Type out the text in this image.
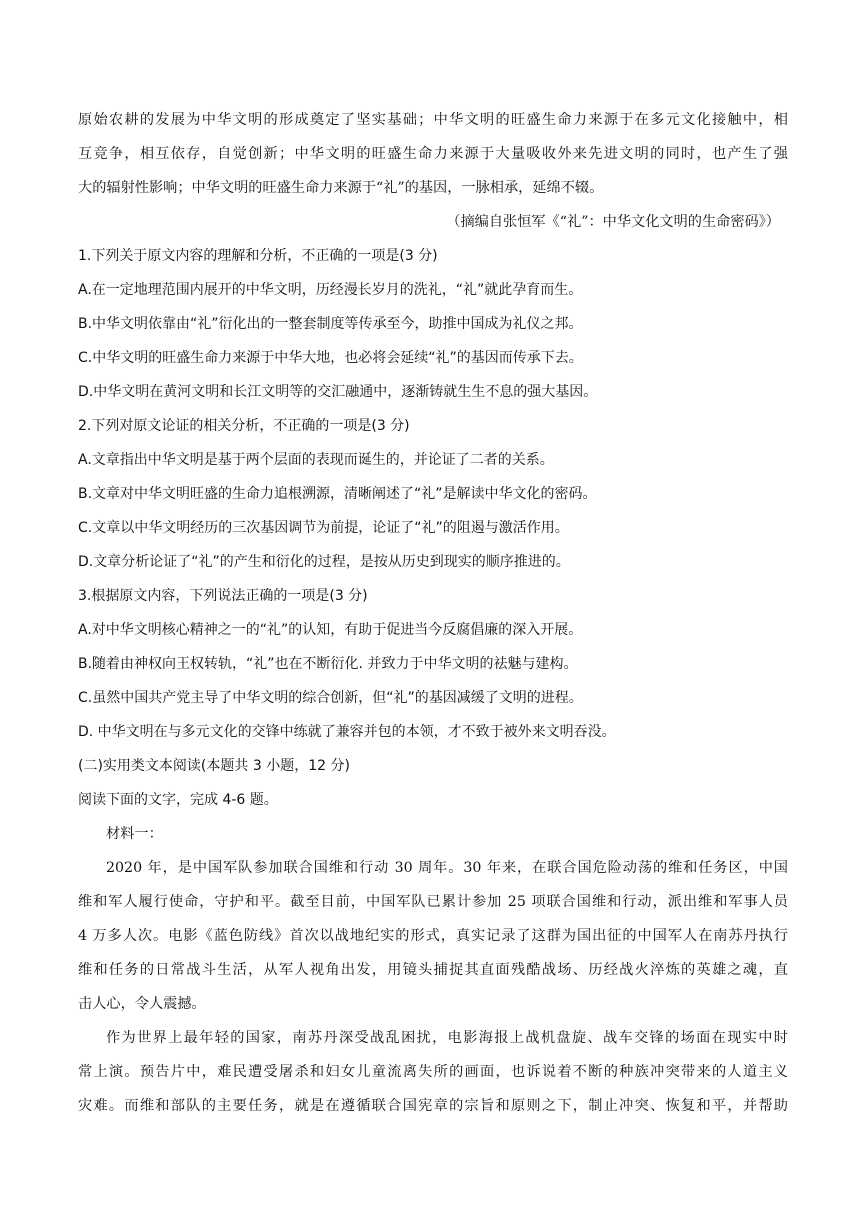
原始农耕的发展为中华文明的形成奠定了坚实基础；中华文明的旺盛生命力来源于在多元文化接触中，相
互竞争，相互依存，自觉创新；中华文明的旺盛生命力来源于大量吸收外来先进文明的同时，也产生了强
大的辐射性影响；中华文明的旺盛生命力来源于“礼”的基因，一脉相承，延绵不辍。
（摘编自张恒军《“礼”：中华文化文明的生命密码》）
1.下列关于原文内容的理解和分析，不正确的一项是(3 分)
A.在一定地理范围内展开的中华文明，历经漫长岁月的洗礼，“礼”就此孕育而生。
B.中华文明依靠由“礼”衍化出的一整套制度等传承至今，助推中国成为礼仪之邦。
C.中华文明的旺盛生命力来源于中华大地，也必将会延续“礼”的基因而传承下去。
D.中华文明在黄河文明和长江文明等的交汇融通中，逐渐铸就生生不息的强大基因。
2.下列对原文论证的相关分析，不正确的一项是(3 分)
A.文章指出中华文明是基于两个层面的表现而诞生的，并论证了二者的关系。
B.文章对中华文明旺盛的生命力追根溯源，清晰阐述了“礼”是解读中华文化的密码。
C.文章以中华文明经历的三次基因调节为前提，论证了“礼”的阻遏与激活作用。
D.文章分析论证了“礼”的产生和衍化的过程，是按从历史到现实的顺序推进的。
3.根据原文内容，下列说法正确的一项是(3 分)
A.对中华文明核心精神之一的“礼”的认知，有助于促进当今反腐倡廉的深入开展。
B.随着由神权向王权转轨，“礼”也在不断衍化. 并致力于中华文明的祛魅与建构。
C.虽然中国共产党主导了中华文明的综合创新，但“礼”的基因减缓了文明的进程。
D. 中华文明在与多元文化的交锋中练就了兼容并包的本领，才不致于被外来文明吞没。
(二)实用类文本阅读(本题共 3 小题，12 分)
阅读下面的文字，完成 4-6 题。
材料一：
2020 年，是中国军队参加联合国维和行动 30 周年。30 年来，在联合国危险动荡的维和任务区，中国
维和军人履行使命，守护和平。截至目前，中国军队已累计参加 25 项联合国维和行动，派出维和军事人员
4 万多人次。电影《蓝色防线》首次以战地纪实的形式，真实记录了这群为国出征的中国军人在南苏丹执行
维和任务的日常战斗生活，从军人视角出发，用镜头捕捉其直面残酷战场、历经战火淬炼的英雄之魂，直
击人心，令人震撼。
作为世界上最年轻的国家，南苏丹深受战乱困扰，电影海报上战机盘旋、战车交锋的场面在现实中时
常上演。预告片中，难民遭受屠杀和妇女儿童流离失所的画面，也诉说着不断的种族冲突带来的人道主义
灾难。而维和部队的主要任务，就是在遵循联合国宪章的宗旨和原则之下，制止冲突、恢复和平，并帮助
